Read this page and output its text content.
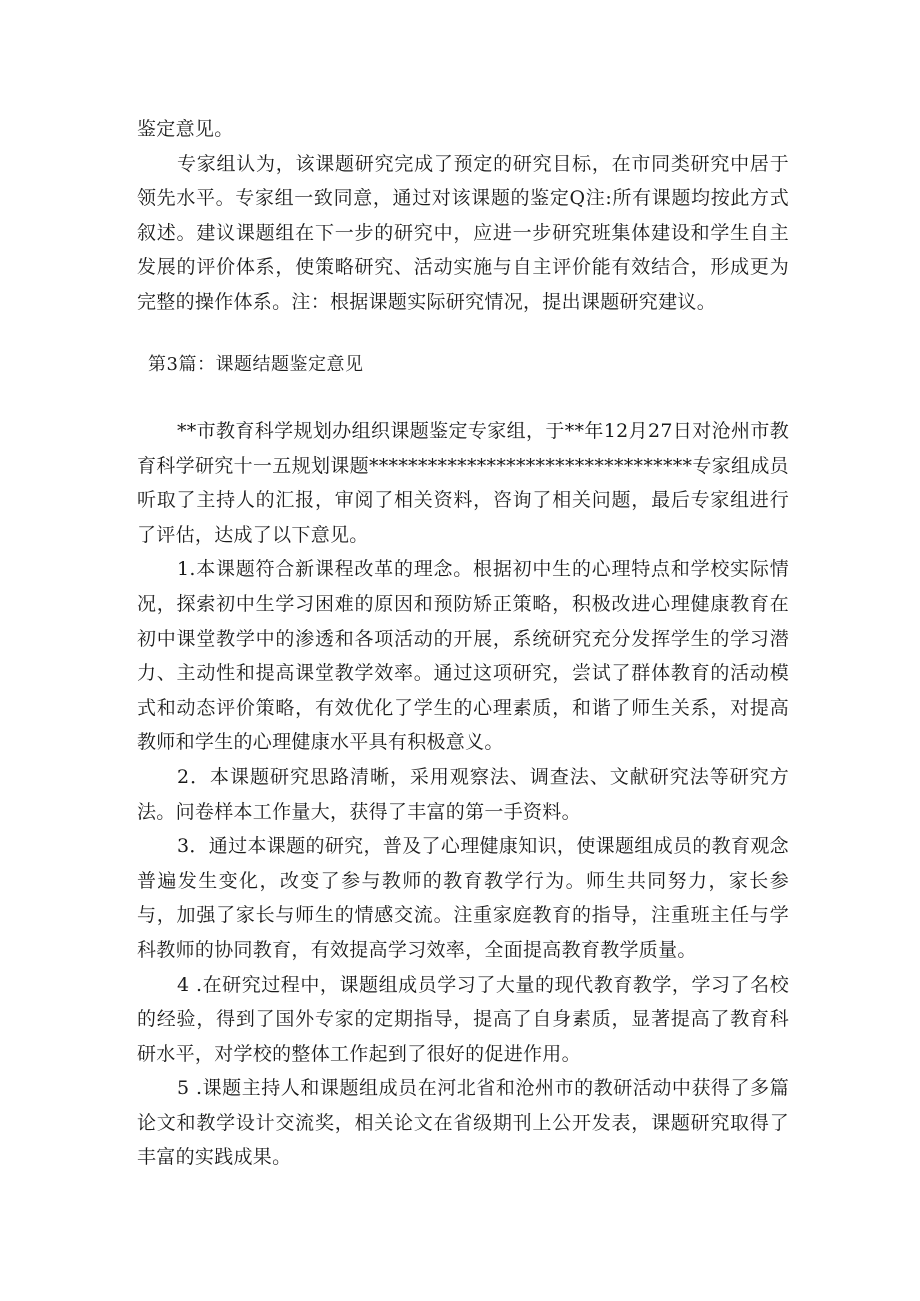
鉴定意见。

专家组认为，该课题研究完成了预定的研究目标，在市同类研究中居于领先水平。专家组一致同意，通过对该课题的鉴定Q注:所有课题均按此方式叙述。建议课题组在下一步的研究中，应进一步研究班集体建设和学生自主发展的评价体系，使策略研究、活动实施与自主评价能有效结合，形成更为完整的操作体系。注：根据课题实际研究情况，提出课题研究建议。

第3篇：课题结题鉴定意见

**市教育科学规划办组织课题鉴定专家组，于**年12月27日对沧州市教育科学研究十一五规划课题*********************************专家组成员听取了主持人的汇报，审阅了相关资料，咨询了相关问题，最后专家组进行了评估，达成了以下意见。

1.本课题符合新课程改革的理念。根据初中生的心理特点和学校实际情况，探索初中生学习困难的原因和预防矫正策略，积极改进心理健康教育在初中课堂教学中的渗透和各项活动的开展，系统研究充分发挥学生的学习潜力、主动性和提高课堂教学效率。通过这项研究，尝试了群体教育的活动模式和动态评价策略，有效优化了学生的心理素质，和谐了师生关系，对提高教师和学生的心理健康水平具有积极意义。

2．本课题研究思路清晰，采用观察法、调查法、文献研究法等研究方法。问卷样本工作量大，获得了丰富的第一手资料。

3．通过本课题的研究，普及了心理健康知识，使课题组成员的教育观念普遍发生变化，改变了参与教师的教育教学行为。师生共同努力，家长参与，加强了家长与师生的情感交流。注重家庭教育的指导，注重班主任与学科教师的协同教育，有效提高学习效率，全面提高教育教学质量。

4 .在研究过程中，课题组成员学习了大量的现代教育教学，学习了名校的经验，得到了国外专家的定期指导，提高了自身素质，显著提高了教育科研水平，对学校的整体工作起到了很好的促进作用。

5 .课题主持人和课题组成员在河北省和沧州市的教研活动中获得了多篇论文和教学设计交流奖，相关论文在省级期刊上公开发表，课题研究取得了丰富的实践成果。
